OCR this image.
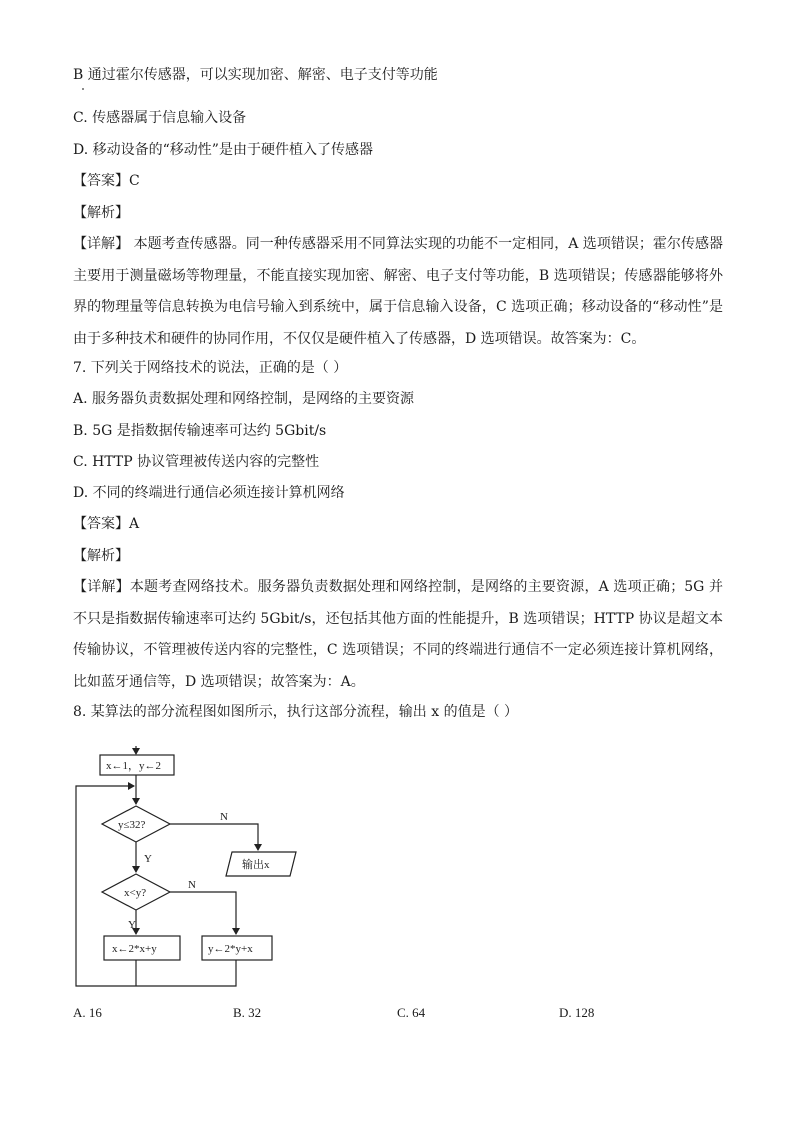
B 通过霍尔传感器，可以实现加密、解密、电子支付等功能
C. 传感器属于信息输入设备
D. 移动设备的“移动性”是由于硬件植入了传感器
【答案】C
【解析】
【详解】 本题考查传感器。同一种传感器采用不同算法实现的功能不一定相同，A 选项错误；霍尔传感器主要用于测量磁场等物理量，不能直接实现加密、解密、电子支付等功能，B 选项错误；传感器能够将外界的物理量等信息转换为电信号输入到系统中，属于信息输入设备，C 选项正确；移动设备的“移动性”是由于多种技术和硬件的协同作用，不仅仅是硬件植入了传感器，D 选项错误。故答案为：C。
7. 下列关于网络技术的说法，正确的是（ ）
A. 服务器负责数据处理和网络控制，是网络的主要资源
B. 5G 是指数据传输速率可达约 5Gbit/s
C. HTTP 协议管理被传送内容的完整性
D. 不同的终端进行通信必须连接计算机网络
【答案】A
【解析】
【详解】本题考查网络技术。服务器负责数据处理和网络控制，是网络的主要资源，A 选项正确；5G 并不只是指数据传输速率可达约 5Gbit/s，还包括其他方面的性能提升，B 选项错误；HTTP 协议是超文本传输协议，不管理被传送内容的完整性，C 选项错误；不同的终端进行通信不一定必须连接计算机网络，比如蓝牙通信等，D 选项错误；故答案为：A。
8. 某算法的部分流程图如图所示，执行这部分流程，输出 x 的值是（ ）
x←1，y←2
y≤32?
N
Y	输出x
x<y?
N
Y
x←2*x+y	y←2*y+x
A. 16	B. 32	C. 64	D. 128
